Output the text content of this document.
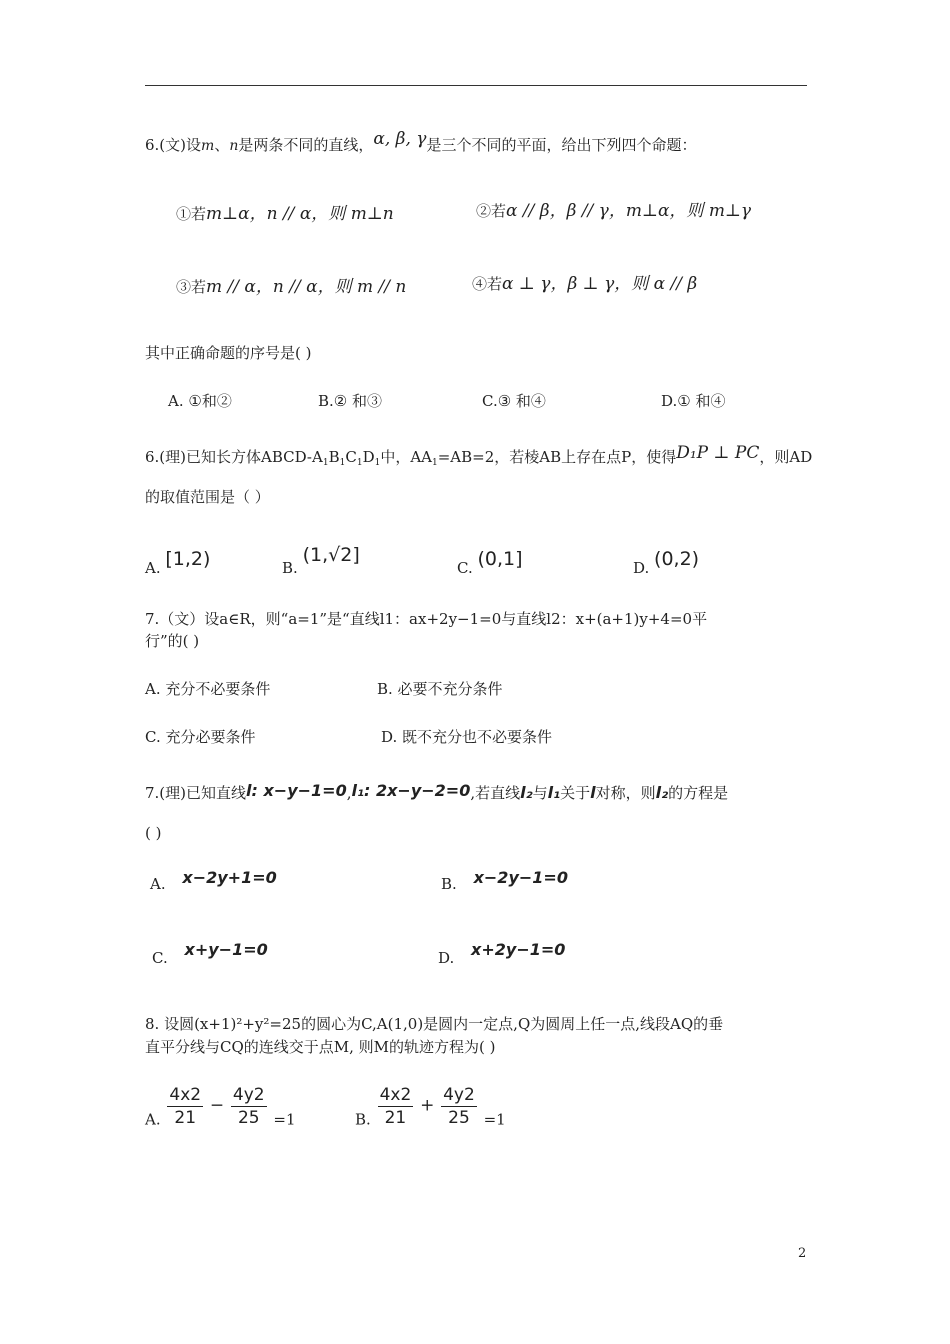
6.(文)设m、n是两条不同的直线，α, β, γ是三个不同的平面，给出下列四个命题：
①若m⊥α，n // α，则 m⊥n	②若α // β，β // γ，m⊥α，则 m⊥γ
③若m // α，n // α，则 m // n	④若α ⊥ γ，β ⊥ γ，则 α // β
其中正确命题的序号是( )
A. ①和②	B.② 和③	C.③ 和④	D.① 和④
6.(理)已知长方体ABCD-$A_1B_1C_1D_1$中，$AA_1=AB=2$，若棱AB上存在点P，使得D₁P ⊥ PC，则AD
的取值范围是（ ）
A. [1,2)	B. (1,√2]
C. (0,1]	D. (0,2)
7.（文）设a∈R，则“a=1”是“直线l1：ax+2y−1=0与直线l2：x+(a+1)y+4=0平
行”的( )
A. 充分不必要条件	B. 必要不充分条件
C. 充分必要条件	D. 既不充分也不必要条件
7.(理)已知直线l: x−y−1=0,l₁: 2x−y−2=0,若直线l₂与l₁关于l对称，则l₂的方程是
( )
A. x−2y+1=0	B. x−2y−1=0
C. x+y−1=0	D. x+2y−1=0
8. 设圆(x+1)²+y²=25的圆心为C,A(1,0)是圆内一定点,Q为圆周上任一点,线段AQ的垂
直平分线与CQ的连线交于点M, 则M的轨迹方程为( )
A. $\frac{4x2}{21} - \frac{4y2}{25} =1$	B. $\frac{4x2}{21} + \frac{4y2}{25} =1$
2
